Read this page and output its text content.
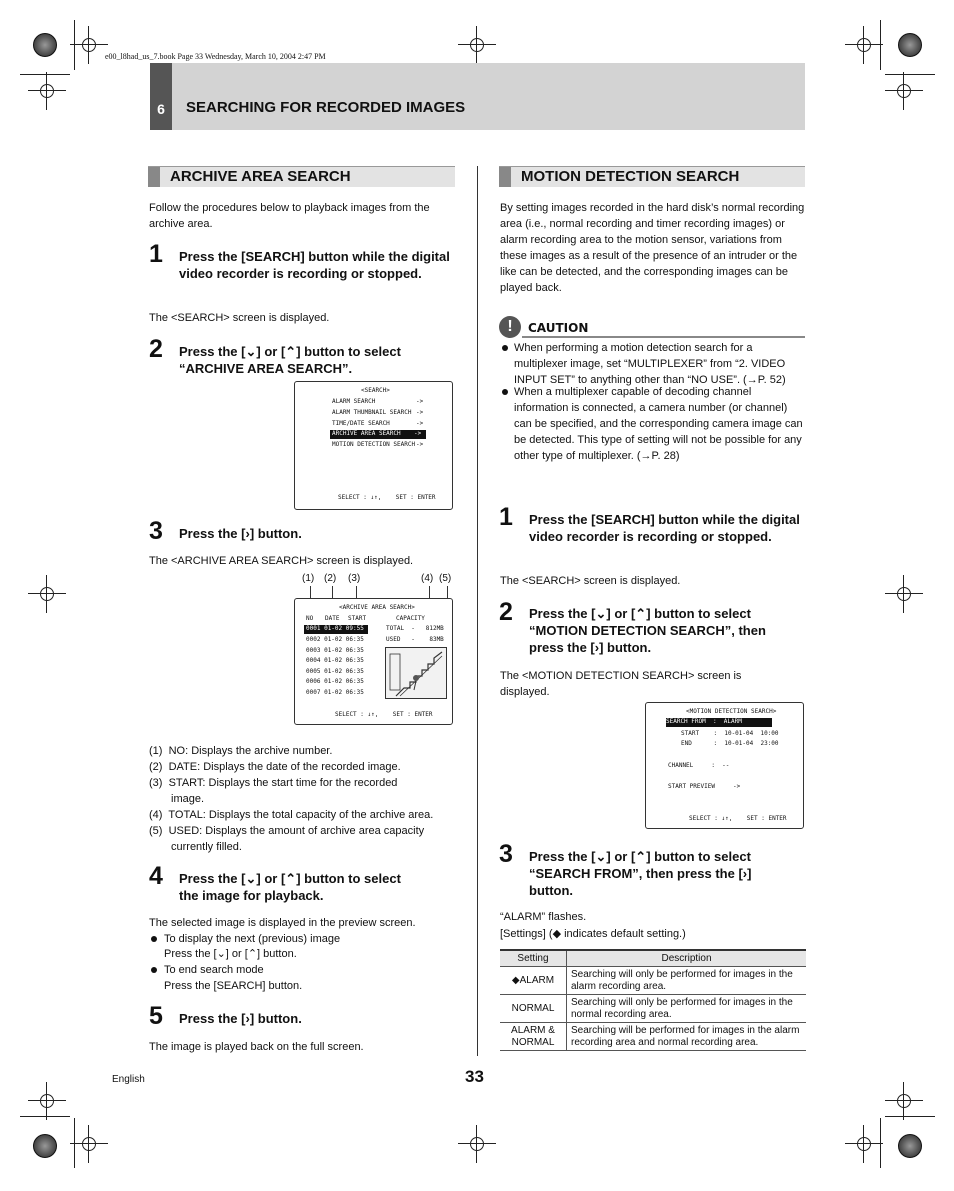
e00_l8had_us_7.book Page 33 Wednesday, March 10, 2004 2:47 PM
6	SEARCHING FOR RECORDED IMAGES
ARCHIVE AREA SEARCH
Follow the procedures below to playback images from the archive area.
1 Press the [SEARCH] button while the digital video recorder is recording or stopped.
The <SEARCH> screen is displayed.
2 Press the [⌄] or [⌃] button to select
“ARCHIVE AREA SEARCH”.
<SEARCH>
ALARM SEARCH
ALARM THUMBNAIL SEARCH
TIME/DATE SEARCH
ARCHIVE AREA SEARCH ->
MOTION DETECTION SEARCH
->
->
->
->
SELECT : ↓↑,    SET : ENTER
3 Press the [›] button.
The <ARCHIVE AREA SEARCH> screen is displayed.
(1) (2) (3)	(4) (5)
<ARCHIVE AREA SEARCH>
NO DATE START	CAPACITY
0001 01-02 09:55
0002 01-02 06:35
0003 01-02 06:35
0004 01-02 06:35
0005 01-02 06:35
0006 01-02 06:35
0007 01-02 06:35
TOTAL  -   812MB
USED   -    83MB
SELECT : ↓↑,    SET : ENTER
(1) NO: Displays the archive number.
(2) DATE: Displays the date of the recorded image.
(3) START: Displays the start time for the recorded
image.
(4) TOTAL: Displays the total capacity of the archive area.
(5) USED: Displays the amount of archive area capacity
currently filled.
4 Press the [⌄] or [⌃] button to select
the image for playback.
The selected image is displayed in the preview screen.
To display the next (previous) image
Press the [⌄] or [⌃] button.
To end search mode
Press the [SEARCH] button.
5 Press the [›] button.
The image is played back on the full screen.
MOTION DETECTION SEARCH
By setting images recorded in the hard disk’s normal recording area (i.e., normal recording and timer recording images) or alarm recording area to the motion sensor, variations from these images as a result of the presence of an intruder or the like can be detected, and the corresponding images can be played back.
!	CAUTION
When performing a motion detection search for a multiplexer image, set “MULTIPLEXER” from “2. VIDEO INPUT SET” to anything other than “NO USE”. (→P. 52)
When a multiplexer capable of decoding channel information is connected, a camera number (or channel) can be specified, and the corresponding camera image can be detected. This type of setting will not be possible for any other type of multiplexer. (→P. 28)
1 Press the [SEARCH] button while the digital video recorder is recording or stopped.
The <SEARCH> screen is displayed.
2 Press the [⌄] or [⌃] button to select
“MOTION DETECTION SEARCH”, then
press the [›] button.
The <MOTION DETECTION SEARCH> screen is displayed.
<MOTION DETECTION SEARCH>
SEARCH FROM  :  ALARM
START    :  10-01-04  10:00
END      :  10-01-04  23:00
CHANNEL     :  --
START PREVIEW     ->
SELECT : ↓↑,    SET : ENTER
3 Press the [⌄] or [⌃] button to select
“SEARCH FROM”, then press the [›]
button.
“ALARM” flashes.
[Settings] (◆ indicates default setting.)
Setting	Description
◆ALARM	Searching will only be performed for images in the alarm recording area.
NORMAL	Searching will only be performed for images in the normal recording area.
ALARM & NORMAL	Searching will be performed for images in the alarm recording area and normal recording area.
English	33
